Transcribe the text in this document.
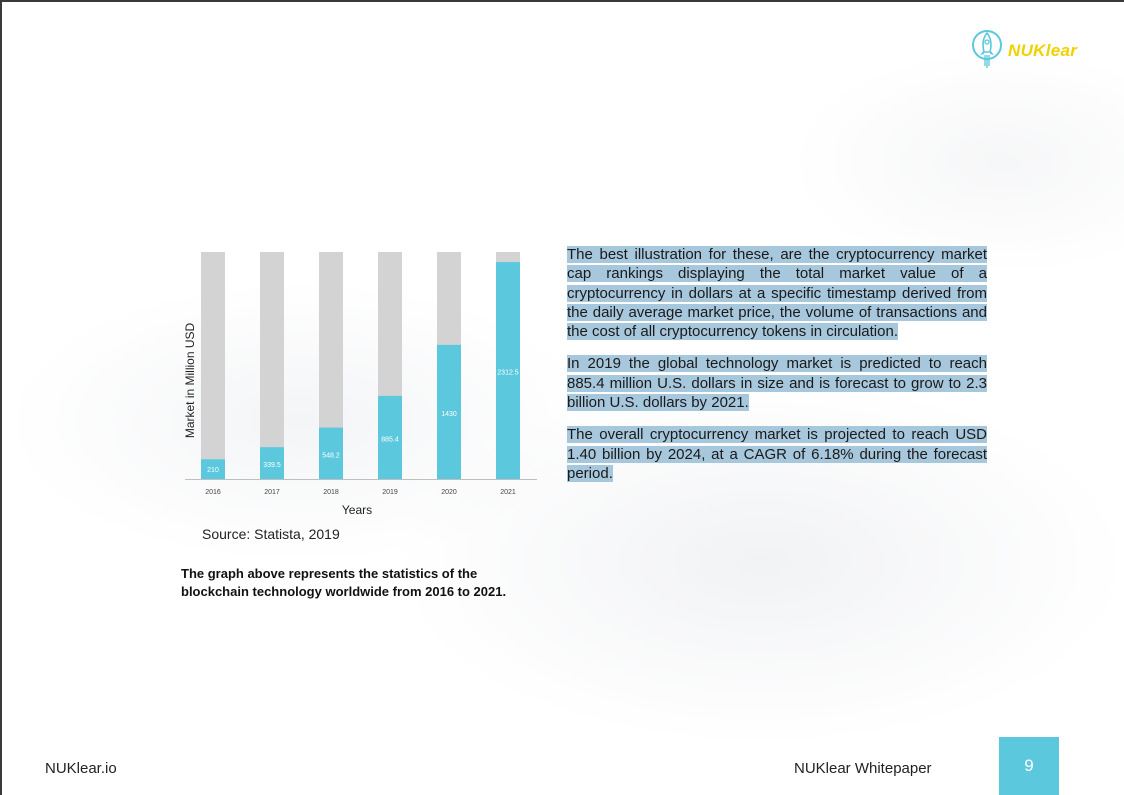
NUKlear
210
2016
339.5
2017
548.2
2018
885.4
2019
1430
2020
2312.5
2021
Years
Market in Million USD
Source: Statista, 2019
The graph above represents the statistics of the blockchain technology worldwide from 2016 to 2021.

The best illustration for these, are the cryptocurrency market cap rankings displaying the total market value of a cryptocurrency in dollars at a specific timestamp derived from the daily average market price, the volume of transactions and the cost of all cryptocurrency tokens in circulation.

In 2019 the global technology market is predicted to reach 885.4 million U.S. dollars in size and is forecast to grow to 2.3 billion U.S. dollars by 2021.

The overall cryptocurrency market is projected to reach USD 1.40 billion by 2024, at a CAGR of 6.18% during the forecast period.

NUKlear.io	NUKlear Whitepaper	9
